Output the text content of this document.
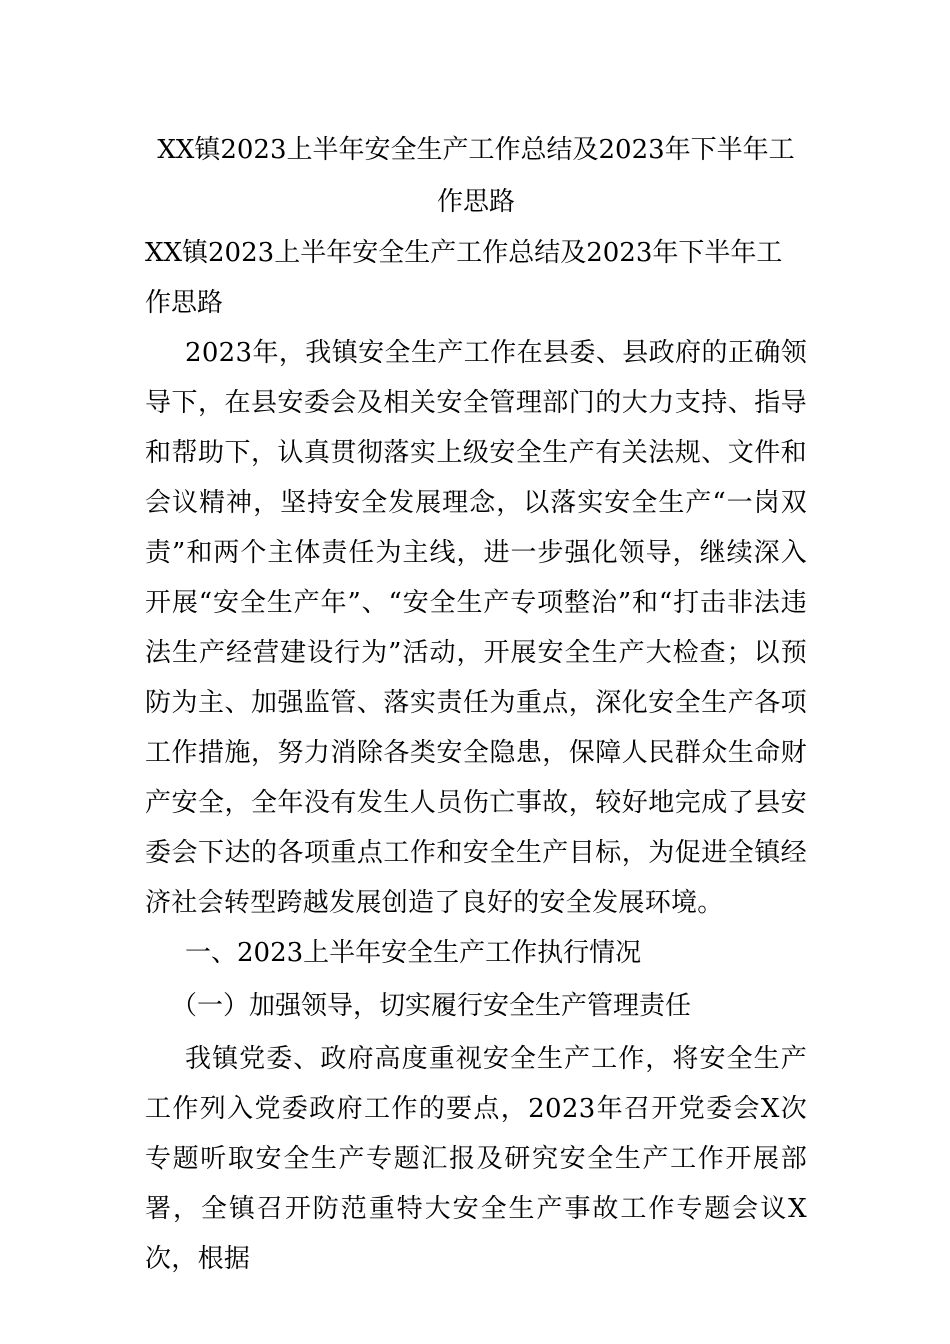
XX镇2023上半年安全生产工作总结及2023年下半年工作思路

XX镇2023上半年安全生产工作总结及2023年下半年工作思路

2023年，我镇安全生产工作在县委、县政府的正确领导下，在县安委会及相关安全管理部门的大力支持、指导和帮助下，认真贯彻落实上级安全生产有关法规、文件和会议精神，坚持安全发展理念，以落实安全生产“一岗双责”和两个主体责任为主线，进一步强化领导，继续深入开展“安全生产年”、“安全生产专项整治”和“打击非法违法生产经营建设行为”活动，开展安全生产大检查；以预防为主、加强监管、落实责任为重点，深化安全生产各项工作措施，努力消除各类安全隐患，保障人民群众生命财产安全，全年没有发生人员伤亡事故，较好地完成了县安委会下达的各项重点工作和安全生产目标，为促进全镇经济社会转型跨越发展创造了良好的安全发展环境。

一、2023上半年安全生产工作执行情况

（一）加强领导，切实履行安全生产管理责任

我镇党委、政府高度重视安全生产工作，将安全生产工作列入党委政府工作的要点，2023年召开党委会X次专题听取安全生产专题汇报及研究安全生产工作开展部署，全镇召开防范重特大安全生产事故工作专题会议X次，根据
